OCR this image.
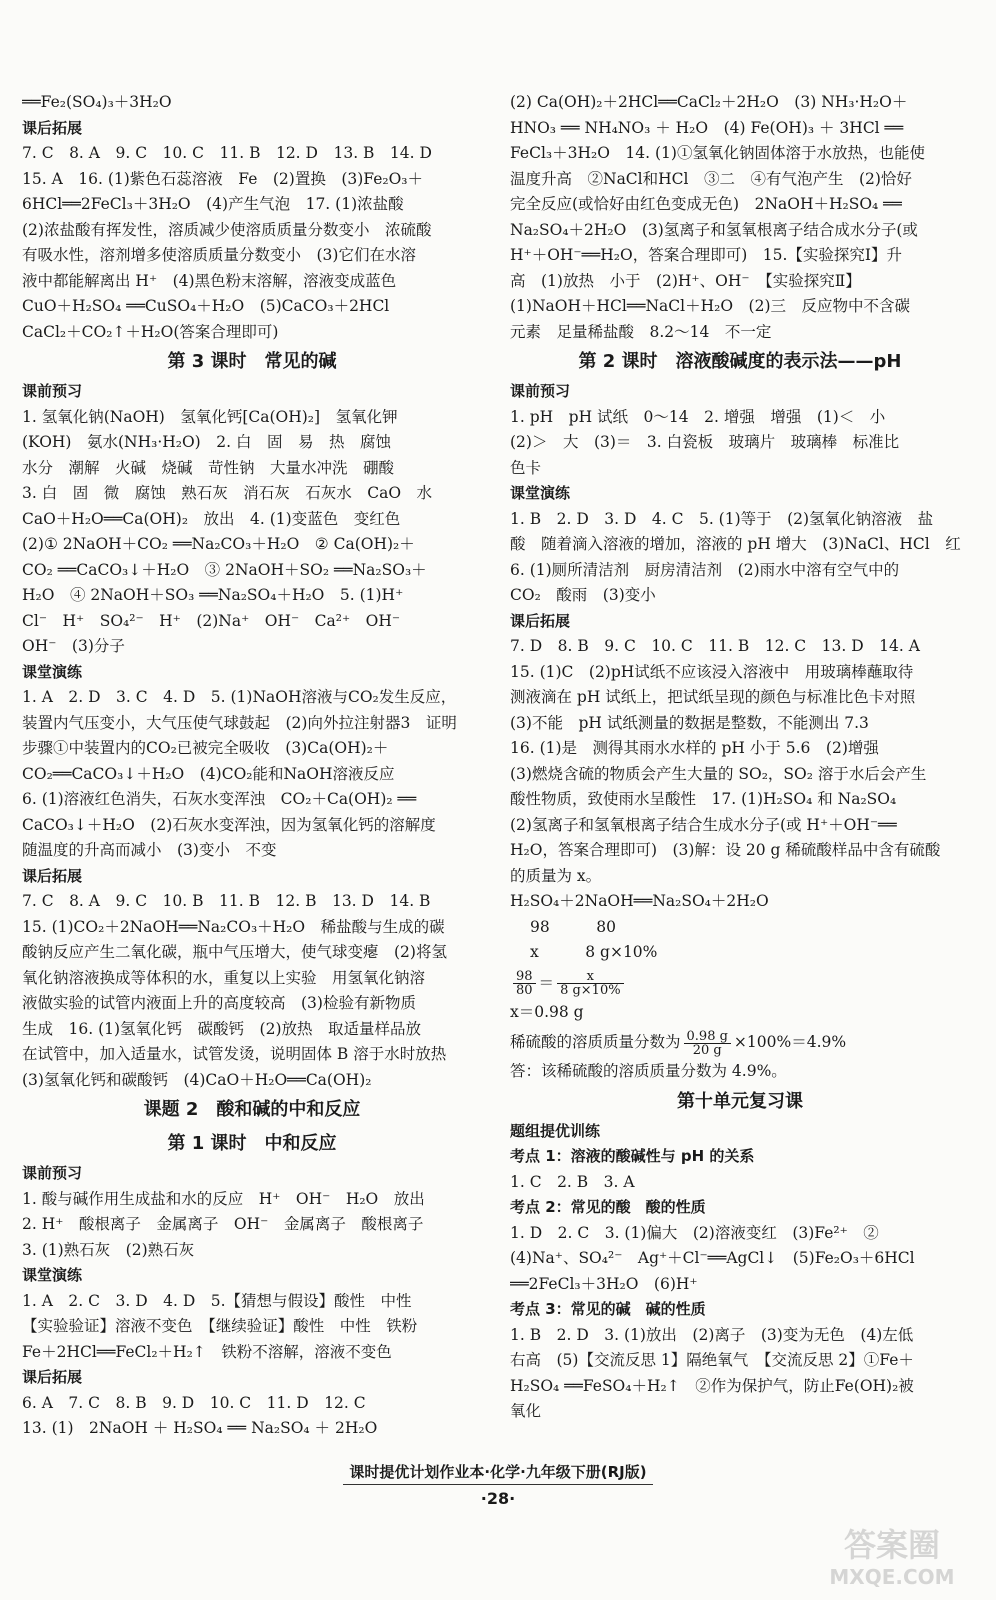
══Fe₂(SO₄)₃＋3H₂O
课后拓展
7. C　8. A　9. C　10. C　11. B　12. D　13. B　14. D
15. A　16. (1)紫色石蕊溶液　Fe　(2)置换　(3)Fe₂O₃＋
6HCl══2FeCl₃＋3H₂O　(4)产生气泡　17. (1)浓盐酸
(2)浓盐酸有挥发性，溶质减少使溶质质量分数变小　浓硫酸
有吸水性，溶剂增多使溶质质量分数变小　(3)它们在水溶
液中都能解离出 H⁺　(4)黑色粉末溶解，溶液变成蓝色
CuO＋H₂SO₄ ══CuSO₄＋H₂O　(5)CaCO₃＋2HCl
CaCl₂＋CO₂↑＋H₂O(答案合理即可)
第 3 课时　常见的碱
课前预习
1. 氢氧化钠(NaOH)　氢氧化钙[Ca(OH)₂]　氢氧化钾
(KOH)　氨水(NH₃·H₂O)　2. 白　固　易　热　腐蚀
水分　潮解　火碱　烧碱　苛性钠　大量水冲洗　硼酸
3. 白　固　微　腐蚀　熟石灰　消石灰　石灰水　CaO　水
CaO＋H₂O══Ca(OH)₂　放出　4. (1)变蓝色　变红色
(2)① 2NaOH＋CO₂ ══Na₂CO₃＋H₂O　② Ca(OH)₂＋
CO₂ ══CaCO₃↓＋H₂O　③ 2NaOH＋SO₂ ══Na₂SO₃＋
H₂O　④ 2NaOH＋SO₃ ══Na₂SO₄＋H₂O　5. (1)H⁺
Cl⁻　H⁺　SO₄²⁻　H⁺　(2)Na⁺　OH⁻　Ca²⁺　OH⁻
OH⁻　(3)分子
课堂演练
1. A　2. D　3. C　4. D　5. (1)NaOH溶液与CO₂发生反应，
装置内气压变小，大气压使气球鼓起　(2)向外拉注射器3　证明
步骤①中装置内的CO₂已被完全吸收　(3)Ca(OH)₂＋
CO₂══CaCO₃↓＋H₂O　(4)CO₂能和NaOH溶液反应
6. (1)溶液红色消失，石灰水变浑浊　CO₂＋Ca(OH)₂ ══
CaCO₃↓＋H₂O　(2)石灰水变浑浊，因为氢氧化钙的溶解度
随温度的升高而减小　(3)变小　不变
课后拓展
7. C　8. A　9. C　10. B　11. B　12. B　13. D　14. B
15. (1)CO₂＋2NaOH══Na₂CO₃＋H₂O　稀盐酸与生成的碳
酸钠反应产生二氧化碳，瓶中气压增大，使气球变瘪　(2)将氢
氧化钠溶液换成等体积的水，重复以上实验　用氢氧化钠溶
液做实验的试管内液面上升的高度较高　(3)检验有新物质
生成　16. (1)氢氧化钙　碳酸钙　(2)放热　取适量样品放
在试管中，加入适量水，试管发烫，说明固体 B 溶于水时放热
(3)氢氧化钙和碳酸钙　(4)CaO＋H₂O══Ca(OH)₂
课题 2　酸和碱的中和反应
第 1 课时　中和反应
课前预习
1. 酸与碱作用生成盐和水的反应　H⁺　OH⁻　H₂O　放出
2. H⁺　酸根离子　金属离子　OH⁻　金属离子　酸根离子
3. (1)熟石灰　(2)熟石灰
课堂演练
1. A　2. C　3. D　4. D　5.【猜想与假设】酸性　中性
【实验验证】溶液不变色　【继续验证】酸性　中性　铁粉
Fe＋2HCl══FeCl₂＋H₂↑　铁粉不溶解，溶液不变色
课后拓展
6. A　7. C　8. B　9. D　10. C　11. D　12. C
13. (1)　2NaOH ＋ H₂SO₄ ══ Na₂SO₄ ＋ 2H₂O
(2) Ca(OH)₂＋2HCl══CaCl₂＋2H₂O　(3) NH₃·H₂O＋
HNO₃ ══ NH₄NO₃ ＋ H₂O　(4) Fe(OH)₃ ＋ 3HCl ══
FeCl₃＋3H₂O　14. (1)①氢氧化钠固体溶于水放热，也能使
温度升高　②NaCl和HCl　③二　④有气泡产生　(2)恰好
完全反应(或恰好由红色变成无色)　2NaOH＋H₂SO₄ ══
Na₂SO₄＋2H₂O　(3)氢离子和氢氧根离子结合成水分子(或
H⁺＋OH⁻══H₂O，答案合理即可)　15.【实验探究Ⅰ】升
高　(1)放热　小于　(2)H⁺、OH⁻　【实验探究Ⅱ】
(1)NaOH＋HCl══NaCl＋H₂O　(2)三　反应物中不含碳
元素　足量稀盐酸　8.2～14　不一定
第 2 课时　溶液酸碱度的表示法——pH
课前预习
1. pH　pH 试纸　0～14　2. 增强　增强　(1)＜　小
(2)＞　大　(3)＝　3. 白瓷板　玻璃片　玻璃棒　标准比
色卡
课堂演练
1. B　2. D　3. D　4. C　5. (1)等于　(2)氢氧化钠溶液　盐
酸　随着滴入溶液的增加，溶液的 pH 增大　(3)NaCl、HCl　红
6. (1)厕所清洁剂　厨房清洁剂　(2)雨水中溶有空气中的
CO₂　酸雨　(3)变小
课后拓展
7. D　8. B　9. C　10. C　11. B　12. C　13. D　14. A
15. (1)C　(2)pH试纸不应该浸入溶液中　用玻璃棒蘸取待
测液滴在 pH 试纸上，把试纸呈现的颜色与标准比色卡对照
(3)不能　pH 试纸测量的数据是整数，不能测出 7.3
16. (1)是　测得其雨水水样的 pH 小于 5.6　(2)增强
(3)燃烧含硫的物质会产生大量的 SO₂，SO₂ 溶于水后会产生
酸性物质，致使雨水呈酸性　17. (1)H₂SO₄ 和 Na₂SO₄
(2)氢离子和氢氧根离子结合生成水分子(或 H⁺＋OH⁻══
H₂O，答案合理即可)　(3)解：设 20 g 稀硫酸样品中含有硫酸
的质量为 x。
H₂SO₄＋2NaOH══Na₂SO₄＋2H₂O
98　　　80
x　　　8 g×10%
$\frac{98}{80} = \frac{x}{8 g\times 10\%}$
x＝0.98 g
稀硫酸的溶质质量分数为 $\frac{0.98 g}{20 g} \times 100\%=4.9\%$
答：该稀硫酸的溶质质量分数为 4.9%。
第十单元复习课
题组提优训练
考点 1：溶液的酸碱性与 pH 的关系
1. C　2. B　3. A
考点 2：常见的酸　酸的性质
1. D　2. C　3. (1)偏大　(2)溶液变红　(3)Fe²⁺　②
(4)Na⁺、SO₄²⁻　Ag⁺＋Cl⁻══AgCl↓　(5)Fe₂O₃＋6HCl
══2FeCl₃＋3H₂O　(6)H⁺
考点 3：常见的碱　碱的性质
1. B　2. D　3. (1)放出　(2)离子　(3)变为无色　(4)左低
右高　(5)【交流反思 1】隔绝氧气　【交流反思 2】①Fe＋
H₂SO₄ ══FeSO₄＋H₂↑　②作为保护气，防止Fe(OH)₂被
氧化
课时提优计划作业本·化学·九年级下册(RJ版)
·28·
答案圈
MXQE.COM
